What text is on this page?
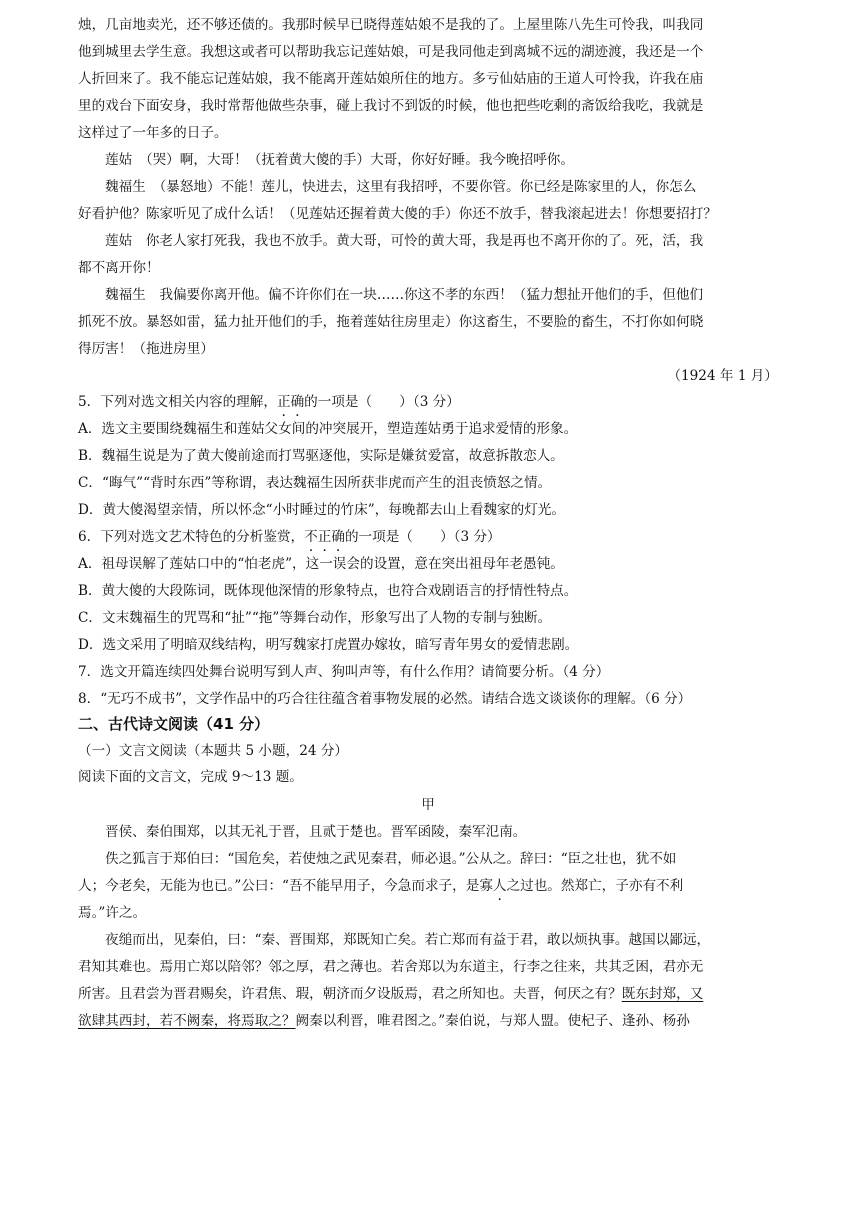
烛，几亩地卖光，还不够还债的。我那时候早已晓得莲姑娘不是我的了。上屋里陈八先生可怜我，叫我同
他到城里去学生意。我想这或者可以帮助我忘记莲姑娘，可是我同他走到离城不远的湖迹渡，我还是一个
人折回来了。我不能忘记莲姑娘，我不能离开莲姑娘所住的地方。多亏仙姑庙的王道人可怜我，许我在庙
里的戏台下面安身，我时常帮他做些杂事，碰上我讨不到饭的时候，他也把些吃剩的斋饭给我吃，我就是
这样过了一年多的日子。
莲姑　（哭）啊，大哥！（抚着黄大傻的手）大哥，你好好睡。我今晚招呼你。
魏福生　（暴怒地）不能！莲儿，快进去，这里有我招呼，不要你管。你已经是陈家里的人，你怎么
好看护他？陈家听见了成什么话！（见莲姑还握着黄大傻的手）你还不放手，替我滚起进去！你想要招打？
莲姑　你老人家打死我，我也不放手。黄大哥，可怜的黄大哥，我是再也不离开你的了。死，活，我
都不离开你！
魏福生　我偏要你离开他。偏不许你们在一块……你这不孝的东西！（猛力想扯开他们的手，但他们
抓死不放。暴怒如雷，猛力扯开他们的手，拖着莲姑往房里走）你这畜生，不要脸的畜生，不打你如何晓
得厉害！（拖进房里）
（1924 年 1 月）
5．下列对选文相关内容的理解，正确的一项是（　　）（3 分）
A．选文主要围绕魏福生和莲姑父女间的冲突展开，塑造莲姑勇于追求爱情的形象。
B．魏福生说是为了黄大傻前途而打骂驱逐他，实际是嫌贫爱富，故意拆散恋人。
C．“晦气”“背时东西”等称谓，表达魏福生因所获非虎而产生的沮丧愤怒之情。
D．黄大傻渴望亲情，所以怀念“小时睡过的竹床”，每晚都去山上看魏家的灯光。
6．下列对选文艺术特色的分析鉴赏，不正确的一项是（　　）（3 分）
A．祖母误解了莲姑口中的“怕老虎”，这一误会的设置，意在突出祖母年老愚钝。
B．黄大傻的大段陈词，既体现他深情的形象特点，也符合戏剧语言的抒情性特点。
C．文末魏福生的咒骂和“扯”“拖”等舞台动作，形象写出了人物的专制与独断。
D．选文采用了明暗双线结构，明写魏家打虎置办嫁妆，暗写青年男女的爱情悲剧。
7．选文开篇连续四处舞台说明写到人声、狗叫声等，有什么作用？请简要分析。（4 分）
8．“无巧不成书”，文学作品中的巧合往往蕴含着事物发展的必然。请结合选文谈谈你的理解。（6 分）
二、古代诗文阅读（41 分）
（一）文言文阅读（本题共 5 小题，24 分）
阅读下面的文言文，完成 9～13 题。
甲
晋侯、秦伯围郑，以其无礼于晋，且贰于楚也。晋军函陵，秦军氾南。
佚之狐言于郑伯曰：“国危矣，若使烛之武见秦君，师必退。”公从之。辞曰：“臣之壮也，犹不如
人；今老矣，无能为也已。”公曰：“吾不能早用子，今急而求子，是寡人之过也。然郑亡，子亦有不利
焉。”许之。
夜缒而出，见秦伯，曰：“秦、晋围郑，郑既知亡矣。若亡郑而有益于君，敢以烦执事。越国以鄙远，
君知其难也。焉用亡郑以陪邻？邻之厚，君之薄也。若舍郑以为东道主，行李之往来，共其乏困，君亦无
所害。且君尝为晋君赐矣，许君焦、瑕，朝济而夕设版焉，君之所知也。夫晋，何厌之有？既东封郑，又
欲肆其西封，若不阙秦，将焉取之？阙秦以利晋，唯君图之。”秦伯说，与郑人盟。使杞子、逢孙、杨孙
